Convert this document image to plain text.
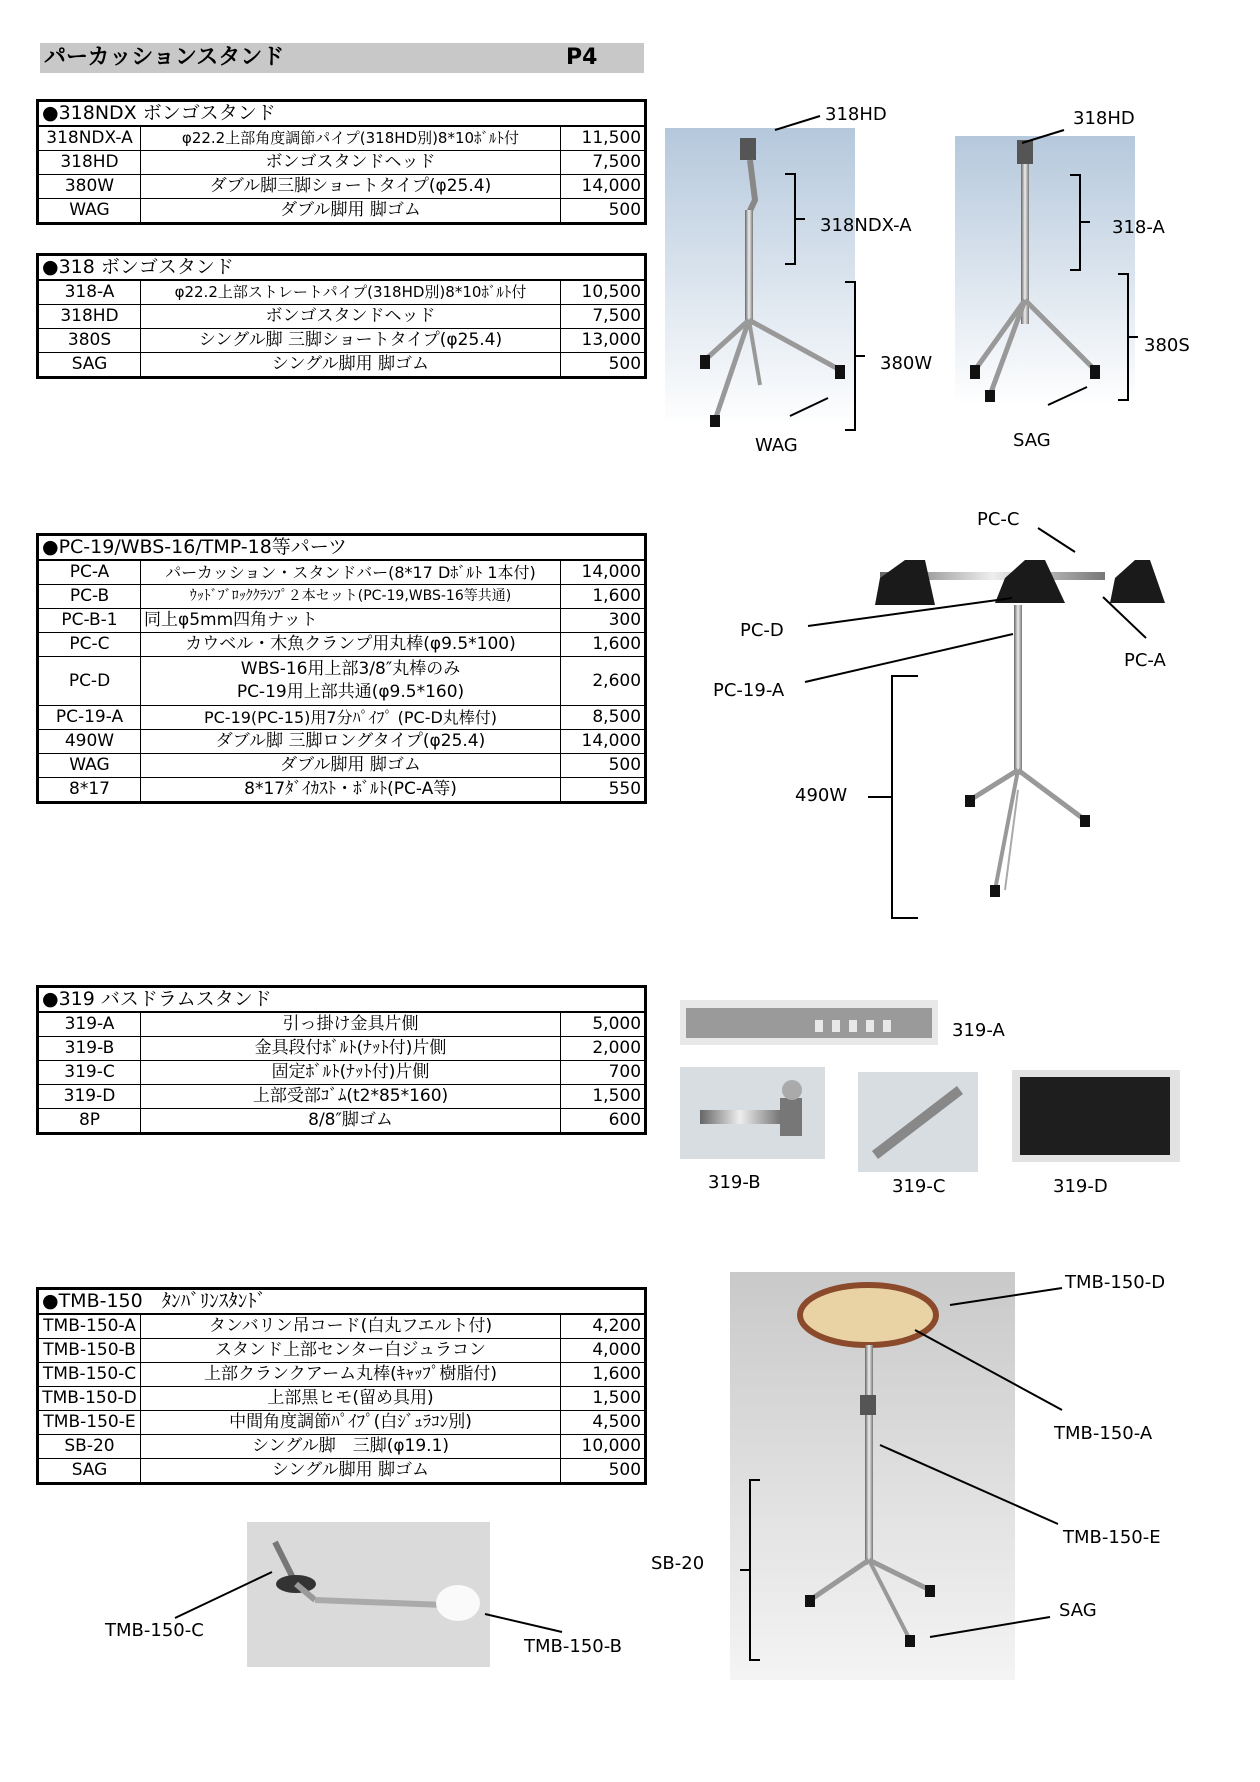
パーカッションスタンド	P4
●318NDX ボンゴスタンド		
318NDX-A	φ22.2上部角度調節パイプ(318HD別)8*10ﾎﾞﾙﾄ付	11,500
318HD	ボンゴスタンドヘッド	7,500
380W	ダブル脚三脚ショートタイプ(φ25.4)	14,000
WAG	ダブル脚用 脚ゴム	500
●318 ボンゴスタンド		
318-A	φ22.2上部ストレートパイプ(318HD別)8*10ﾎﾞﾙﾄ付	10,500
318HD	ボンゴスタンドヘッド	7,500
380S	シングル脚 三脚ショートタイプ(φ25.4)	13,000
SAG	シングル脚用 脚ゴム	500
●PC-19/WBS-16/TMP-18等パーツ		
PC-A	パーカッション・スタンドバー(8*17 Dﾎﾞﾙﾄ 1本付)	14,000
PC-B	ｳｯﾄﾞﾌﾞﾛｯｸｸﾗﾝﾌﾟ２本セット(PC-19,WBS-16等共通)	1,600
PC-B-1	同上φ5mm四角ナット	300
PC-C	カウベル・木魚クランプ用丸棒(φ9.5*100)	1,600
PC-D	WBS-16用上部3/8″丸棒のみ
PC-19用上部共通(φ9.5*160)	2,600
PC-19-A	PC-19(PC-15)用7分ﾊﾟｲﾌﾟ (PC-D丸棒付)	8,500
490W	ダブル脚 三脚ロングタイプ(φ25.4)	14,000
WAG	ダブル脚用 脚ゴム	500
8*17	8*17ﾀﾞｲｶｽﾄ・ﾎﾞﾙﾄ(PC-A等)	550
●319 バスドラムスタンド		
319-A	引っ掛け金具片側	5,000
319-B	金具段付ﾎﾞﾙﾄ(ﾅｯﾄ付)片側	2,000
319-C	固定ﾎﾞﾙﾄ(ﾅｯﾄ付)片側	700
319-D	上部受部ｺﾞﾑ(t2*85*160)	1,500
8P	8/8″脚ゴム	600
●TMB-150　ﾀﾝﾊﾞﾘﾝｽﾀﾝﾄﾞ		
TMB-150-A	タンバリン吊コード(白丸フエルト付)	4,200
TMB-150-B	スタンド上部センター白ジュラコン	4,000
TMB-150-C	上部クランクアーム丸棒(ｷｬｯﾌﾟ樹脂付)	1,600
TMB-150-D	上部黒ヒモ(留め具用)	1,500
TMB-150-E	中間角度調節ﾊﾟｲﾌﾟ(白ｼﾞｭﾗｺﾝ別)	4,500
SB-20	シングル脚　三脚(φ19.1)	10,000
SAG	シングル脚用 脚ゴム	500
318HD
318NDX-A
380W
WAG
318HD
318-A
380S
SAG
PC-C
PC-D
PC-A
PC-19-A
490W
319-A
319-B	319-C	319-D
TMB-150-D
TMB-150-A
TMB-150-E
SB-20
SAG
TMB-150-C
TMB-150-B
